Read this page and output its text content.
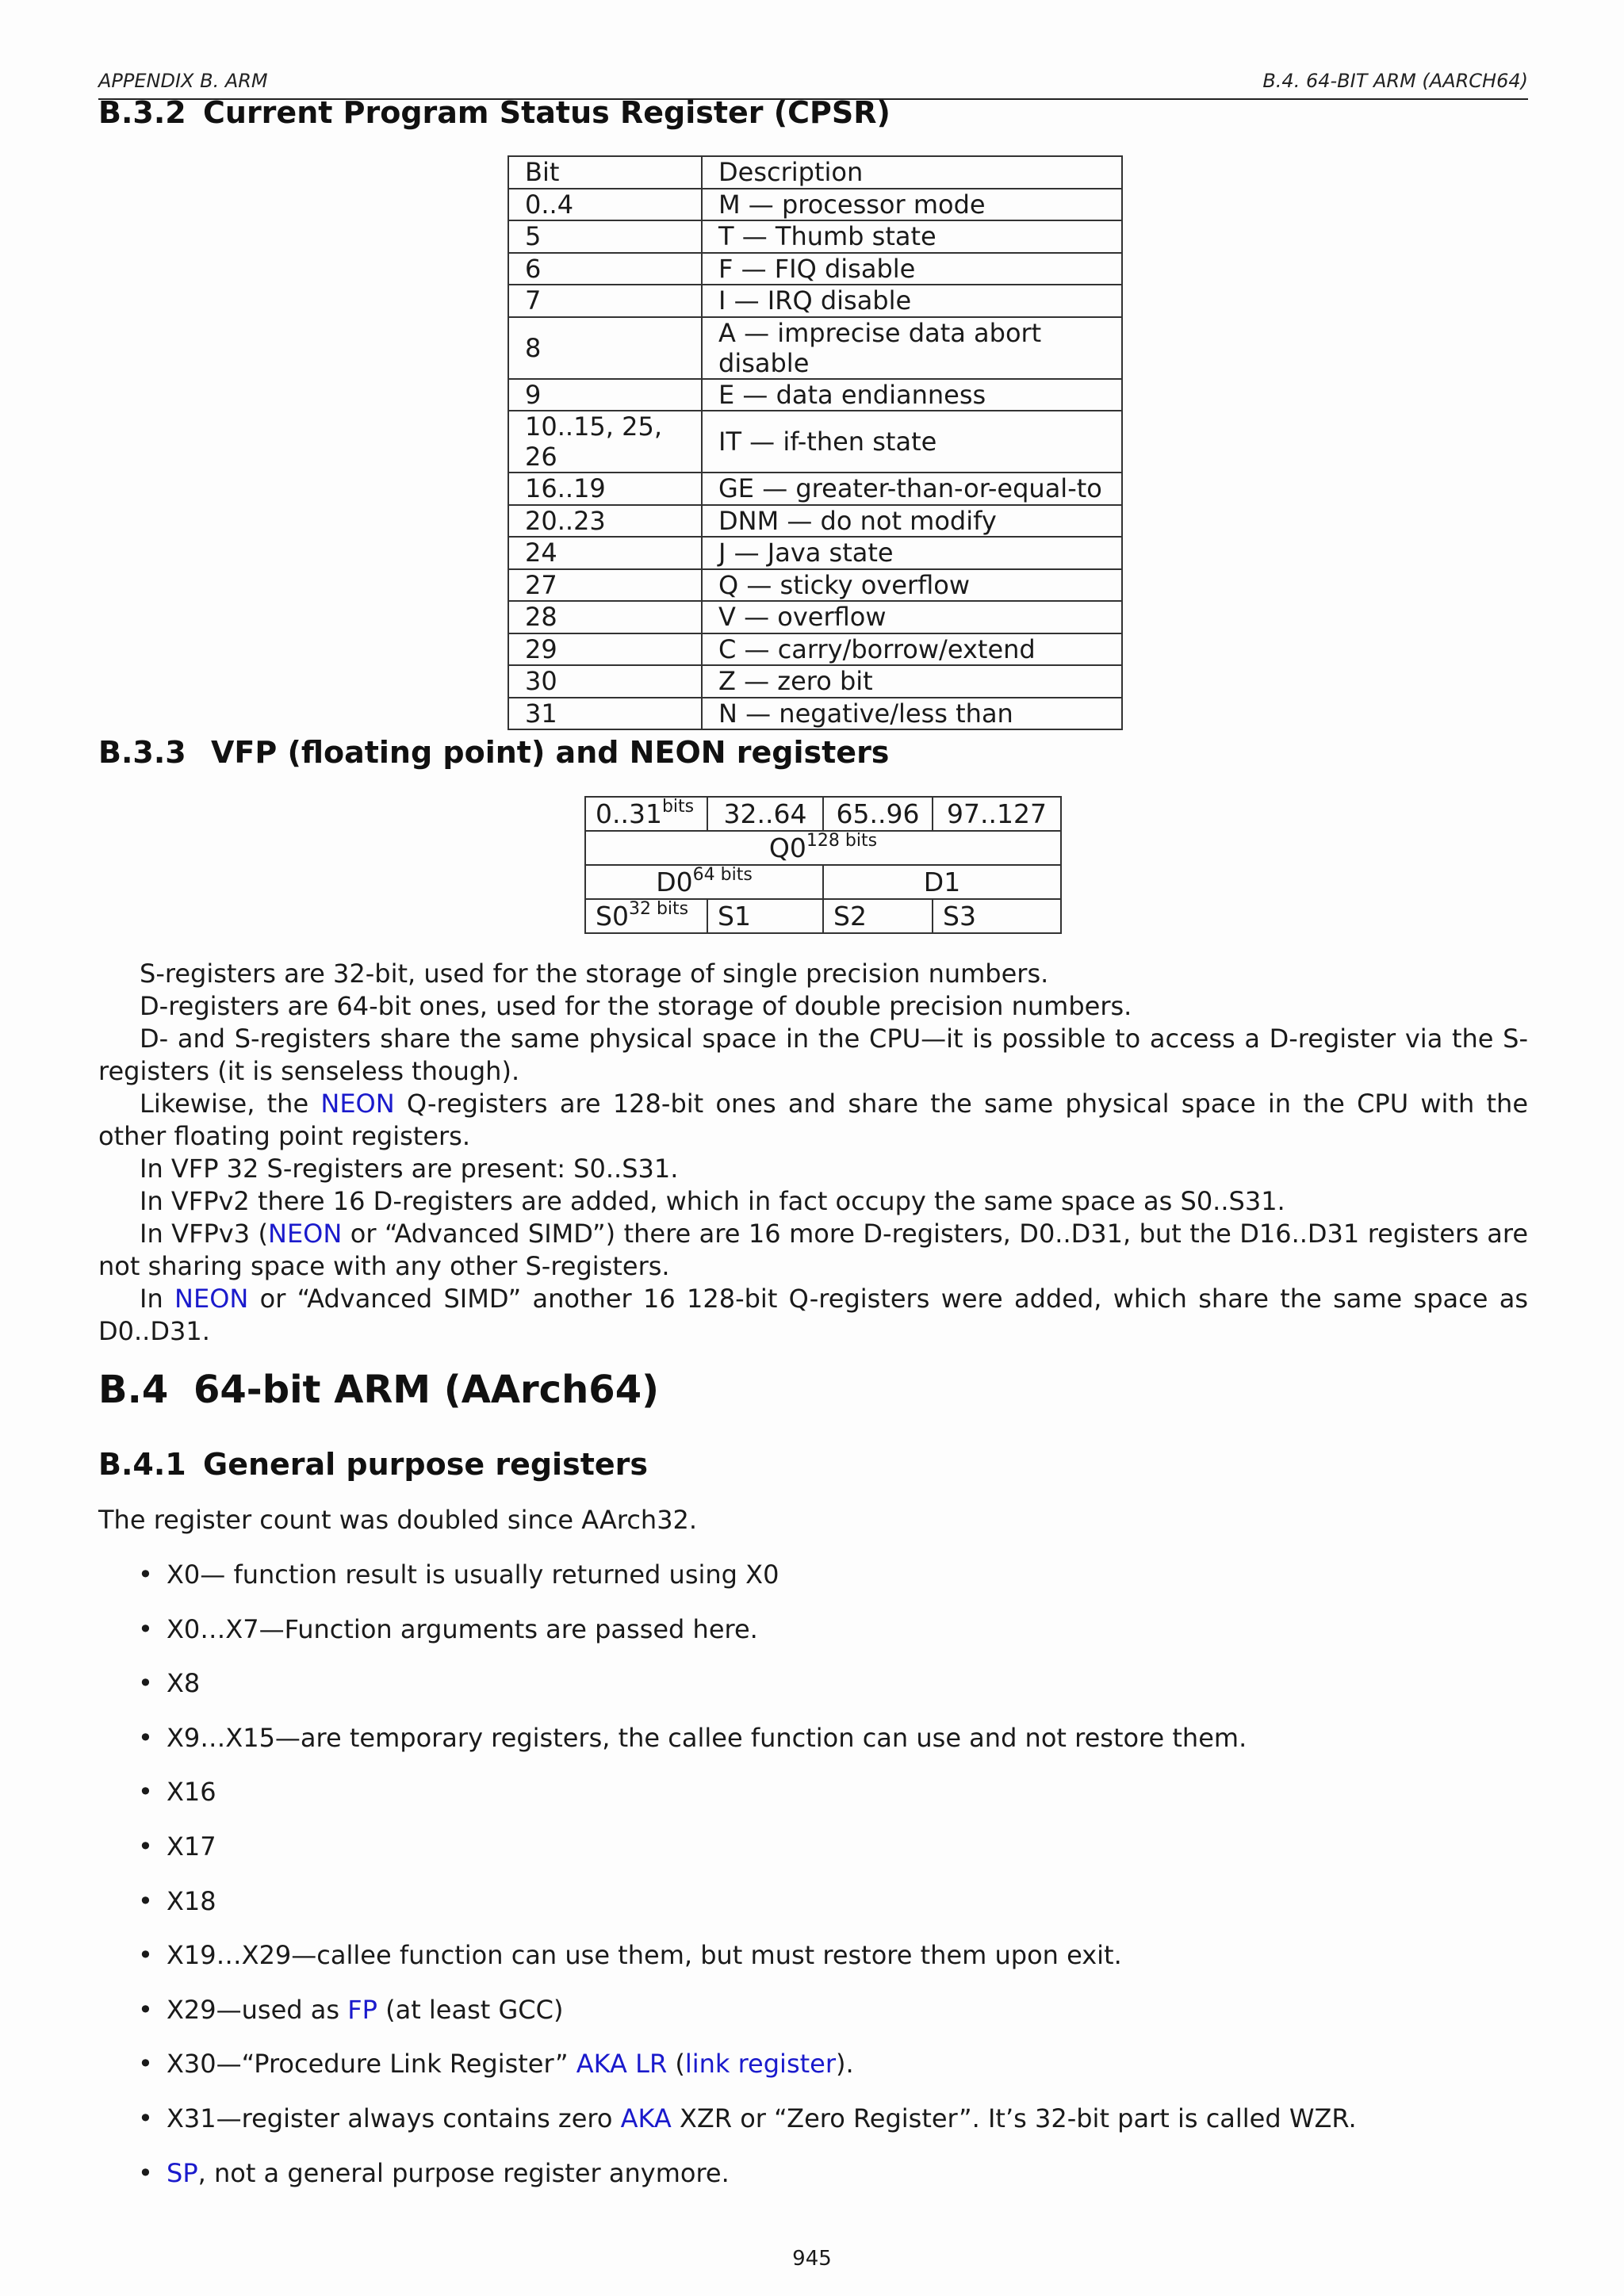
APPENDIX B. ARM	B.4. 64-BIT ARM (AARCH64)
B.3.2 Current Program Status Register (CPSR)
Bit	Description
0..4	M — processor mode
5	T — Thumb state
6	F — FIQ disable
7	I — IRQ disable
8	A — imprecise data abort disable
9	E — data endianness
10..15, 25, 26	IT — if-then state
16..19	GE — greater-than-or-equal-to
20..23	DNM — do not modify
24	J — Java state
27	Q — sticky overflow
28	V — overflow
29	C — carry/borrow/extend
30	Z — zero bit
31	N — negative/less than
B.3.3 VFP (floating point) and NEON registers
$0..31^{bits}$	32..64	65..96	97..127
$Q0^{128 bits}$
$D0^{64 bits}$		D1	
$S0^{32 bits}$	S1	S2	S3

S-registers are 32-bit, used for the storage of single precision numbers.

D-registers are 64-bit ones, used for the storage of double precision numbers.

D- and S-registers share the same physical space in the CPU—it is possible to access a D-register via the S-registers (it is senseless though).

Likewise, the NEON Q-registers are 128-bit ones and share the same physical space in the CPU with the other floating point registers.

In VFP 32 S-registers are present: S0..S31.

In VFPv2 there 16 D-registers are added, which in fact occupy the same space as S0..S31.

In VFPv3 (NEON or “Advanced SIMD”) there are 16 more D-registers, D0..D31, but the D16..D31 registers are not sharing space with any other S-registers.

In NEON or “Advanced SIMD” another 16 128-bit Q-registers were added, which share the same space as D0..D31.

B.4 64-bit ARM (AArch64)
B.4.1 General purpose registers
The register count was doubled since AArch32.
• X0— function result is usually returned using X0
• X0…X7—Function arguments are passed here.
• X8
• X9…X15—are temporary registers, the callee function can use and not restore them.
• X16
• X17
• X18
• X19…X29—callee function can use them, but must restore them upon exit.
• X29—used as FP (at least GCC)
• X30—“Procedure Link Register” AKA LR (link register).
• X31—register always contains zero AKA XZR or “Zero Register”. It’s 32-bit part is called WZR.
• SP, not a general purpose register anymore.
945
